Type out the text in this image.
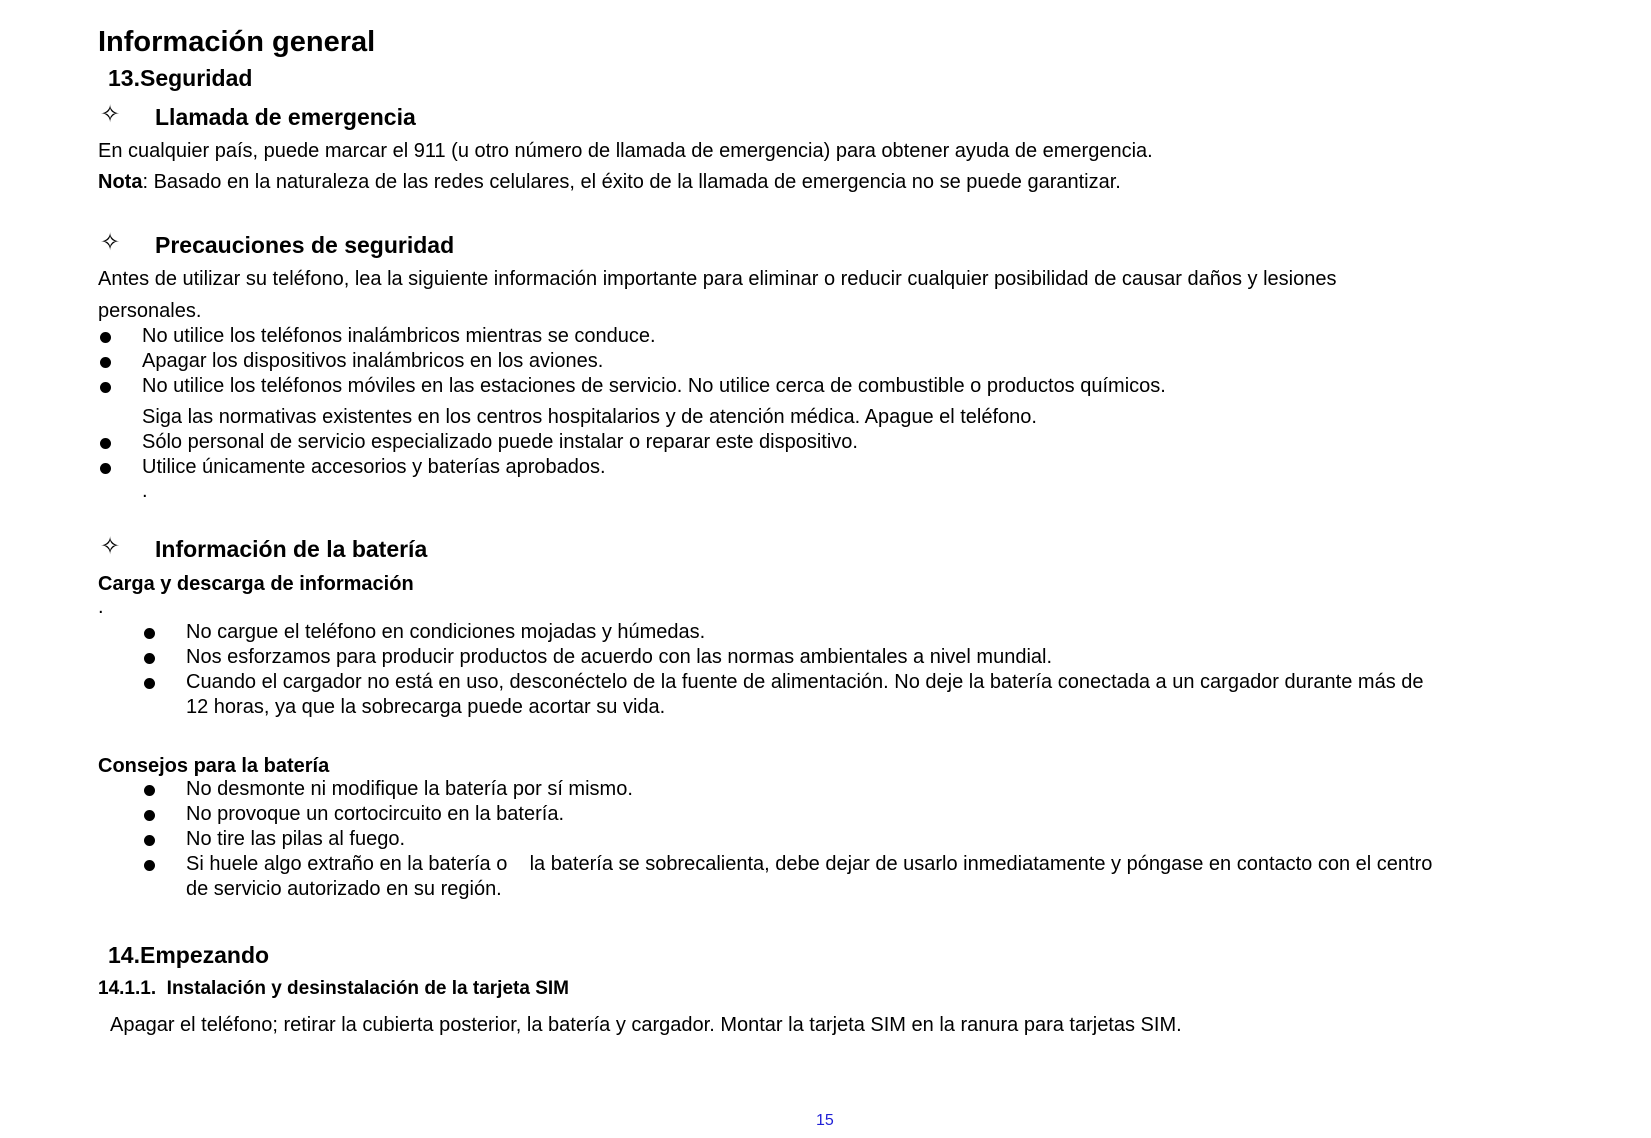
Información general
13.Seguridad
✧ Llamada de emergencia
En cualquier país, puede marcar el 911 (u otro número de llamada de emergencia) para obtener ayuda de emergencia.
Nota: Basado en la naturaleza de las redes celulares, el éxito de la llamada de emergencia no se puede garantizar.
✧ Precauciones de seguridad
Antes de utilizar su teléfono, lea la siguiente información importante para eliminar o reducir cualquier posibilidad de causar daños y lesiones
personales.
No utilice los teléfonos inalámbricos mientras se conduce.
Apagar los dispositivos inalámbricos en los aviones.
No utilice los teléfonos móviles en las estaciones de servicio. No utilice cerca de combustible o productos químicos.
Siga las normativas existentes en los centros hospitalarios y de atención médica. Apague el teléfono.
Sólo personal de servicio especializado puede instalar o reparar este dispositivo.
Utilice únicamente accesorios y baterías aprobados.
.
✧ Información de la batería
Carga y descarga de información
.
No cargue el teléfono en condiciones mojadas y húmedas.
Nos esforzamos para producir productos de acuerdo con las normas ambientales a nivel mundial.
Cuando el cargador no está en uso, desconéctelo de la fuente de alimentación. No deje la batería conectada a un cargador durante más de
12 horas, ya que la sobrecarga puede acortar su vida.
Consejos para la batería
No desmonte ni modifique la batería por sí mismo.
No provoque un cortocircuito en la batería.
No tire las pilas al fuego.
Si huele algo extraño en la batería o    la batería se sobrecalienta, debe dejar de usarlo inmediatamente y póngase en contacto con el centro
de servicio autorizado en su región.
14.Empezando
14.1.1. Instalación y desinstalación de la tarjeta SIM
Apagar el teléfono; retirar la cubierta posterior, la batería y cargador. Montar la tarjeta SIM en la ranura para tarjetas SIM.
15
